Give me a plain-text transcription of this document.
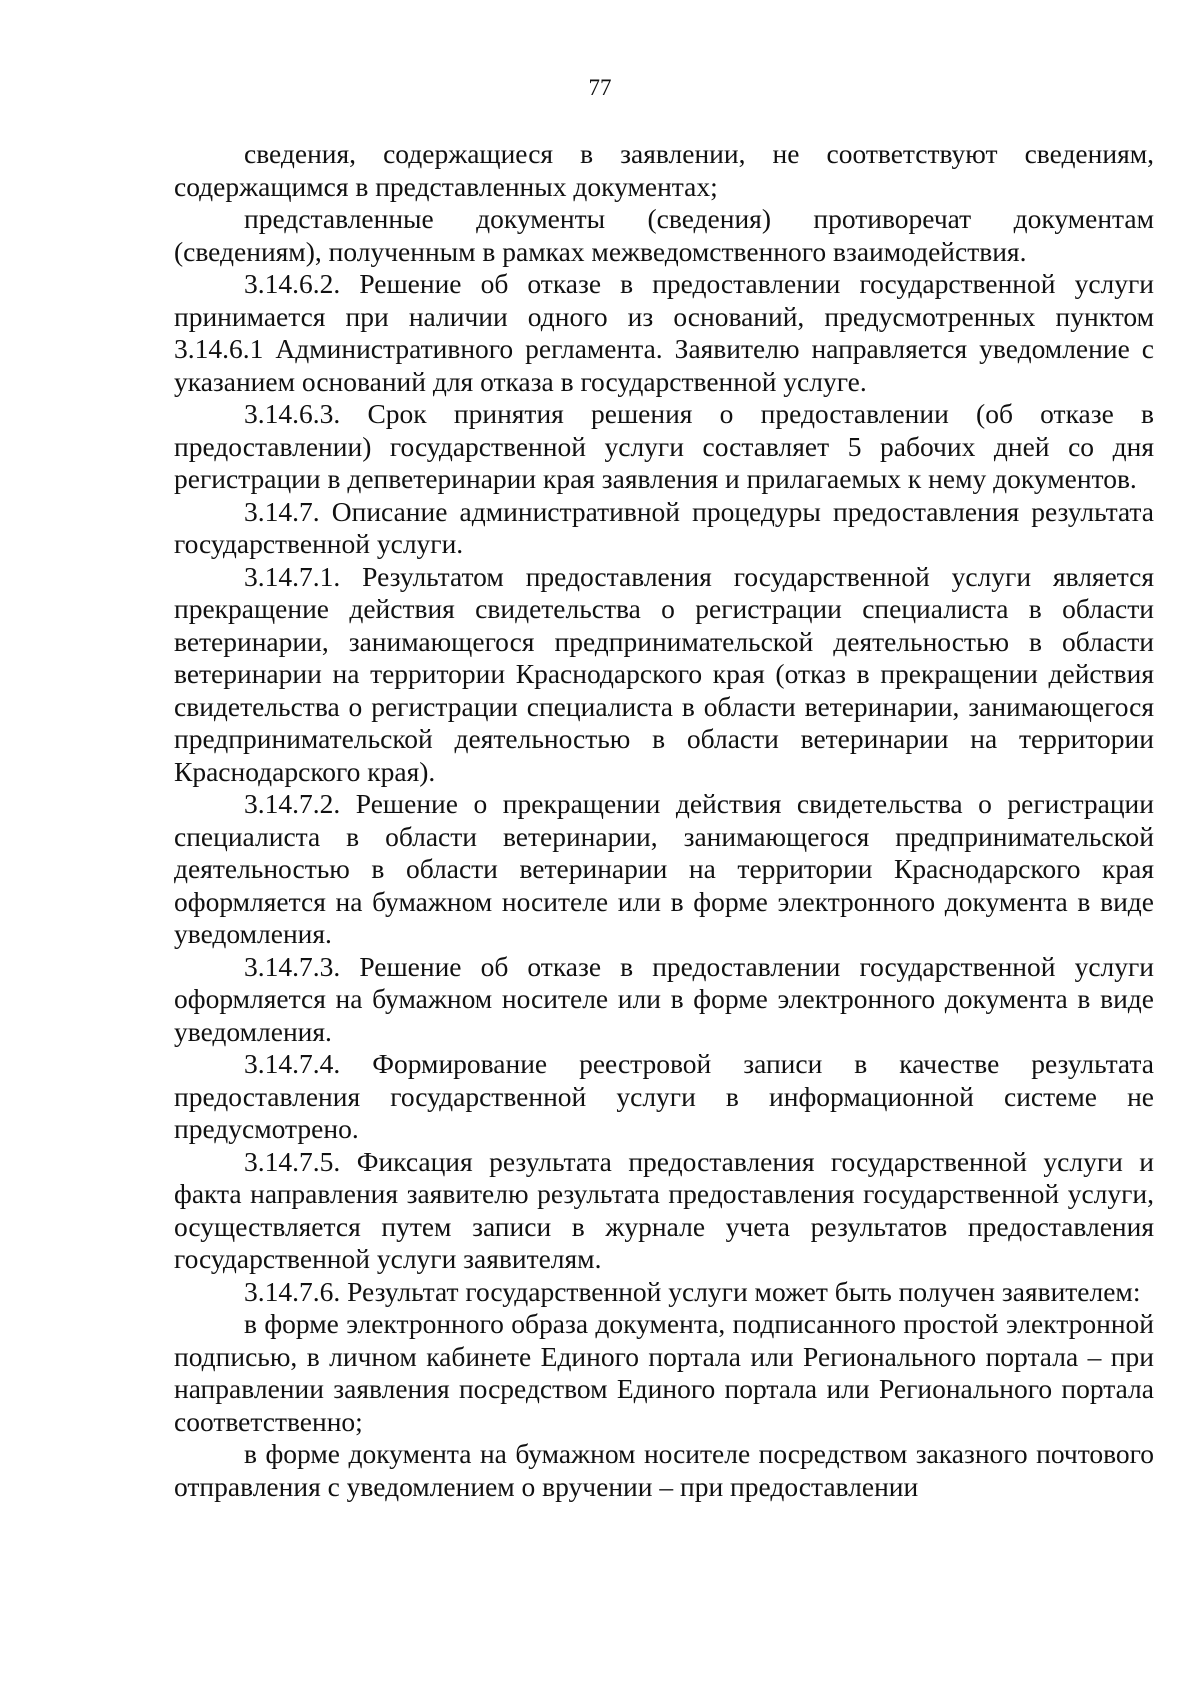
77

сведения, содержащиеся в заявлении, не соответствуют сведениям, содержащимся в представленных документах;

представленные документы (сведения) противоречат документам (сведениям), полученным в рамках межведомственного взаимодействия.

3.14.6.2. Решение об отказе в предоставлении государственной услуги принимается при наличии одного из оснований, предусмотренных пунктом 3.14.6.1 Административного регламента. Заявителю направляется уведомление с указанием оснований для отказа в государственной услуге.

3.14.6.3. Срок принятия решения о предоставлении (об отказе в предоставлении) государственной услуги составляет 5 рабочих дней со дня регистрации в депветеринарии края заявления и прилагаемых к нему документов.

3.14.7. Описание административной процедуры предоставления результата государственной услуги.

3.14.7.1. Результатом предоставления государственной услуги является прекращение действия свидетельства о регистрации специалиста в области ветеринарии, занимающегося предпринимательской деятельностью в области ветеринарии на территории Краснодарского края (отказ в прекращении действия свидетельства о регистрации специалиста в области ветеринарии, занимающегося предпринимательской деятельностью в области ветеринарии на территории Краснодарского края).

3.14.7.2. Решение о прекращении действия свидетельства о регистрации специалиста в области ветеринарии, занимающегося предпринимательской деятельностью в области ветеринарии на территории Краснодарского края оформляется на бумажном носителе или в форме электронного документа в виде уведомления.

3.14.7.3. Решение об отказе в предоставлении государственной услуги оформляется на бумажном носителе или в форме электронного документа в виде уведомления.

3.14.7.4. Формирование реестровой записи в качестве результата предоставления государственной услуги в информационной системе не предусмотрено.

3.14.7.5. Фиксация результата предоставления государственной услуги и факта направления заявителю результата предоставления государственной услуги, осуществляется путем записи в журнале учета результатов предоставления государственной услуги заявителям.

3.14.7.6. Результат государственной услуги может быть получен заявителем:

в форме электронного образа документа, подписанного простой электронной подписью, в личном кабинете Единого портала или Регионального портала – при направлении заявления посредством Единого портала или Регионального портала соответственно;

в форме документа на бумажном носителе посредством заказного почтового отправления с уведомлением о вручении – при предоставлении
